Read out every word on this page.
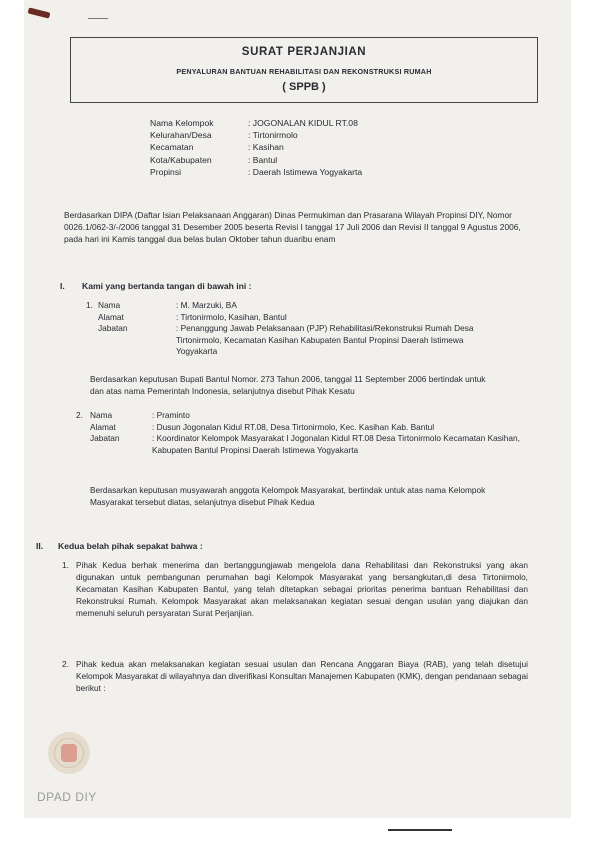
SURAT PERJANJIAN
PENYALURAN BANTUAN REHABILITASI DAN REKONSTRUKSI RUMAH
( SPPB )
Nama Kelompok	: JOGONALAN KIDUL RT.08
Kelurahan/Desa	: Tirtonirmolo
Kecamatan	: Kasihan
Kota/Kabupaten	: Bantul
Propinsi	: Daerah Istimewa Yogyakarta
Berdasarkan DIPA (Daftar Isian Pelaksanaan Anggaran) Dinas Permukiman dan Prasarana Wilayah Propinsi DIY, Nomor 0026.1/062-3/-/2006 tanggal 31 Desember 2005 beserta Revisi I tanggal 17 Juli 2006 dan Revisi II tanggal 9 Agustus 2006, pada hari ini Kamis tanggal dua belas bulan Oktober tahun duaribu enam
I. Kami yang bertanda tangan di bawah ini :
1. Nama	: M. Marzuki, BA
Alamat	: Tirtonirmolo, Kasihan, Bantul
Jabatan	: Penanggung Jawab Pelaksanaan (PJP) Rehabilitasi/Rekonstruksi Rumah Desa Tirtonirmolo, Kecamatan Kasihan Kabupaten Bantul Propinsi Daerah Istimewa Yogyakarta
Berdasarkan keputusan Bupati Bantul Nomor. 273 Tahun 2006, tanggal 11 September 2006 bertindak untuk dan atas nama Pemerintah Indonesia, selanjutnya disebut Pihak Kesatu
2. Nama	: Praminto
Alamat	: Dusun Jogonalan Kidul RT.08, Desa Tirtonirmolo, Kec. Kasihan Kab. Bantul
Jabatan	: Koordinator Kelompok Masyarakat I Jogonalan Kidul RT.08 Desa Tirtonirmolo Kecamatan Kasihan, Kabupaten Bantul Propinsi Daerah Istimewa Yogyakarta
Berdasarkan keputusan musyawarah anggota Kelompok Masyarakat, bertindak untuk atas nama Kelompok Masyarakat tersebut diatas, selanjutnya disebut Pihak Kedua
II. Kedua belah pihak sepakat bahwa :
1. Pihak Kedua berhak menerima dan bertanggungjawab mengelola dana Rehabilitasi dan Rekonstruksi yang akan digunakan untuk pembangunan perumahan bagi Kelompok Masyarakat yang bersangkutan,di desa Tirtonirmolo, Kecamatan Kasihan Kabupaten Bantul, yang telah ditetapkan sebagai prioritas penerima bantuan Rehabilitasi dan Rekonstruksi Rumah. Kelompok Masyarakat akan melaksanakan kegiatan sesuai dengan usulan yang diajukan dan memenuhi seluruh persyaratan Surat Perjanjian.
2. Pihak kedua akan melaksanakan kegiatan sesuai usulan dan Rencana Anggaran Biaya (RAB), yang telah disetujui Kelompok Masyarakat di wilayahnya dan diverifikasi Konsultan Manajemen Kabupaten (KMK), dengan pendanaan sebagai berikut :
DPAD DIY
